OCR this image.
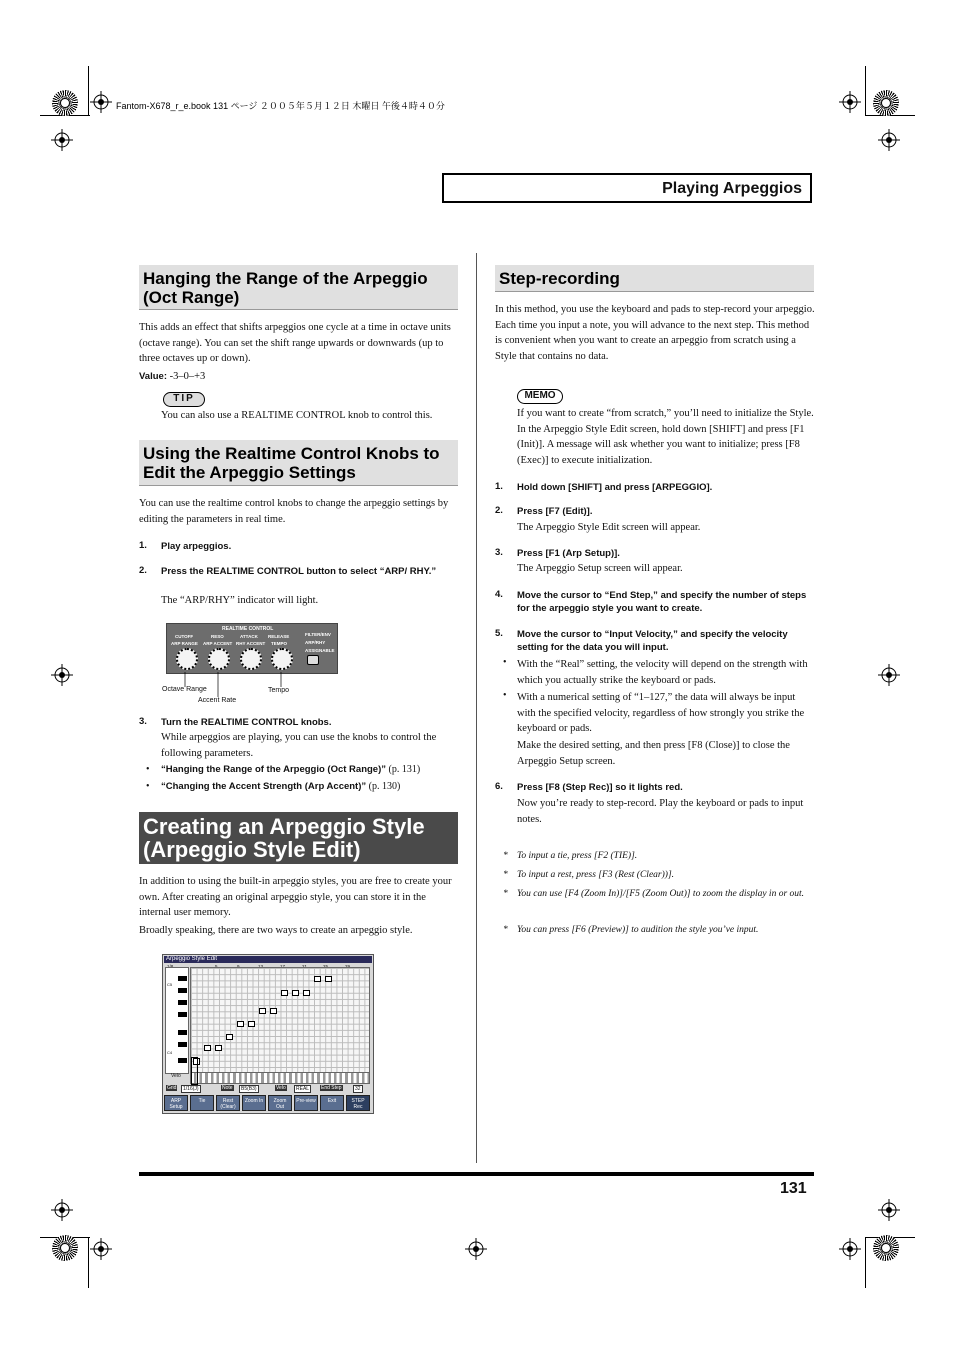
Fantom-X678_r_e.book 131 ページ ２００５年５月１２日 木曜日 午後４時４０分
Playing Arpeggios
Hanging the Range of the Arpeggio (Oct Range)
This adds an effect that shifts arpeggios one cycle at a time in octave units (octave range). You can set the shift range upwards or downwards (up to three octaves up or down).
Value: -3–0–+3
TIP
You can also use a REALTIME CONTROL knob to control this.
Using the Realtime Control Knobs to Edit the Arpeggio Settings
You can use the realtime control knobs to change the arpeggio settings by editing the parameters in real time.
1. Play arpeggios.
2. Press the REALTIME CONTROL button to select “ARP/ RHY.”
The “ARP/RHY” indicator will light.
REALTIME CONTROL
CUTOFF	RESO	ATTACK RELEASE
ARP RANGE ARP ACCENT RHY ACCENT TEMPO
FILTER/ENV
ARP/RHY
ASSIGNABLE
Octave Range
Accent Rate
Tempo
3. Turn the REALTIME CONTROL knobs.
While arpeggios are playing, you can use the knobs to control the following parameters.
• “Hanging the Range of the Arpeggio (Oct Range)” (p. 131)
• “Changing the Accent Strength (Arp Accent)” (p. 130)
Creating an Arpeggio Style (Arpeggio Style Edit)
In addition to using the built-in arpeggio styles, you are free to create your own. After creating an original arpeggio style, you can store it in the internal user memory.
Broadly speaking, there are two ways to create an arpeggio style.
Arpeggio Style Edit
C5
C4
Velo
Grid	1/16(J)	Note	B5(B3)	Velo	REAL	End Step	32
ARP Setup
Tie	Rest (Clear)
Zoom In	Zoom Out
Pre-view	Exit	STEP Rec
Step-recording
In this method, you use the keyboard and pads to step-record your arpeggio. Each time you input a note, you will advance to the next step. This method is convenient when you want to create an arpeggio from scratch using a Style that contains no data.
MEMO
If you want to create “from scratch,” you’ll need to initialize the Style. In the Arpeggio Style Edit screen, hold down [SHIFT] and press [F1 (Init)]. A message will ask whether you want to initialize; press [F8 (Exec)] to execute initialization.
1. Hold down [SHIFT] and press [ARPEGGIO].
2. Press [F7 (Edit)].
The Arpeggio Style Edit screen will appear.
3. Press [F1 (Arp Setup)].
The Arpeggio Setup screen will appear.
4. Move the cursor to “End Step,” and specify the number of steps for the arpeggio style you want to create.
5. Move the cursor to “Input Velocity,” and specify the velocity setting for the data you will input.
• With the “Real” setting, the velocity will depend on the strength with which you actually strike the keyboard or pads.
• With a numerical setting of “1–127,” the data will always be input with the specified velocity, regardless of how strongly you strike the keyboard or pads.
Make the desired setting, and then press [F8 (Close)] to close the Arpeggio Setup screen.
6. Press [F8 (Step Rec)] so it lights red.
Now you’re ready to step-record. Play the keyboard or pads to input notes.
* To input a tie, press [F2 (TIE)].
* To input a rest, press [F3 (Rest (Clear))].
* You can use [F4 (Zoom In)]/[F5 (Zoom Out)] to zoom the display in or out.
* You can press [F6 (Preview)] to audition the style you’ve input.
131
